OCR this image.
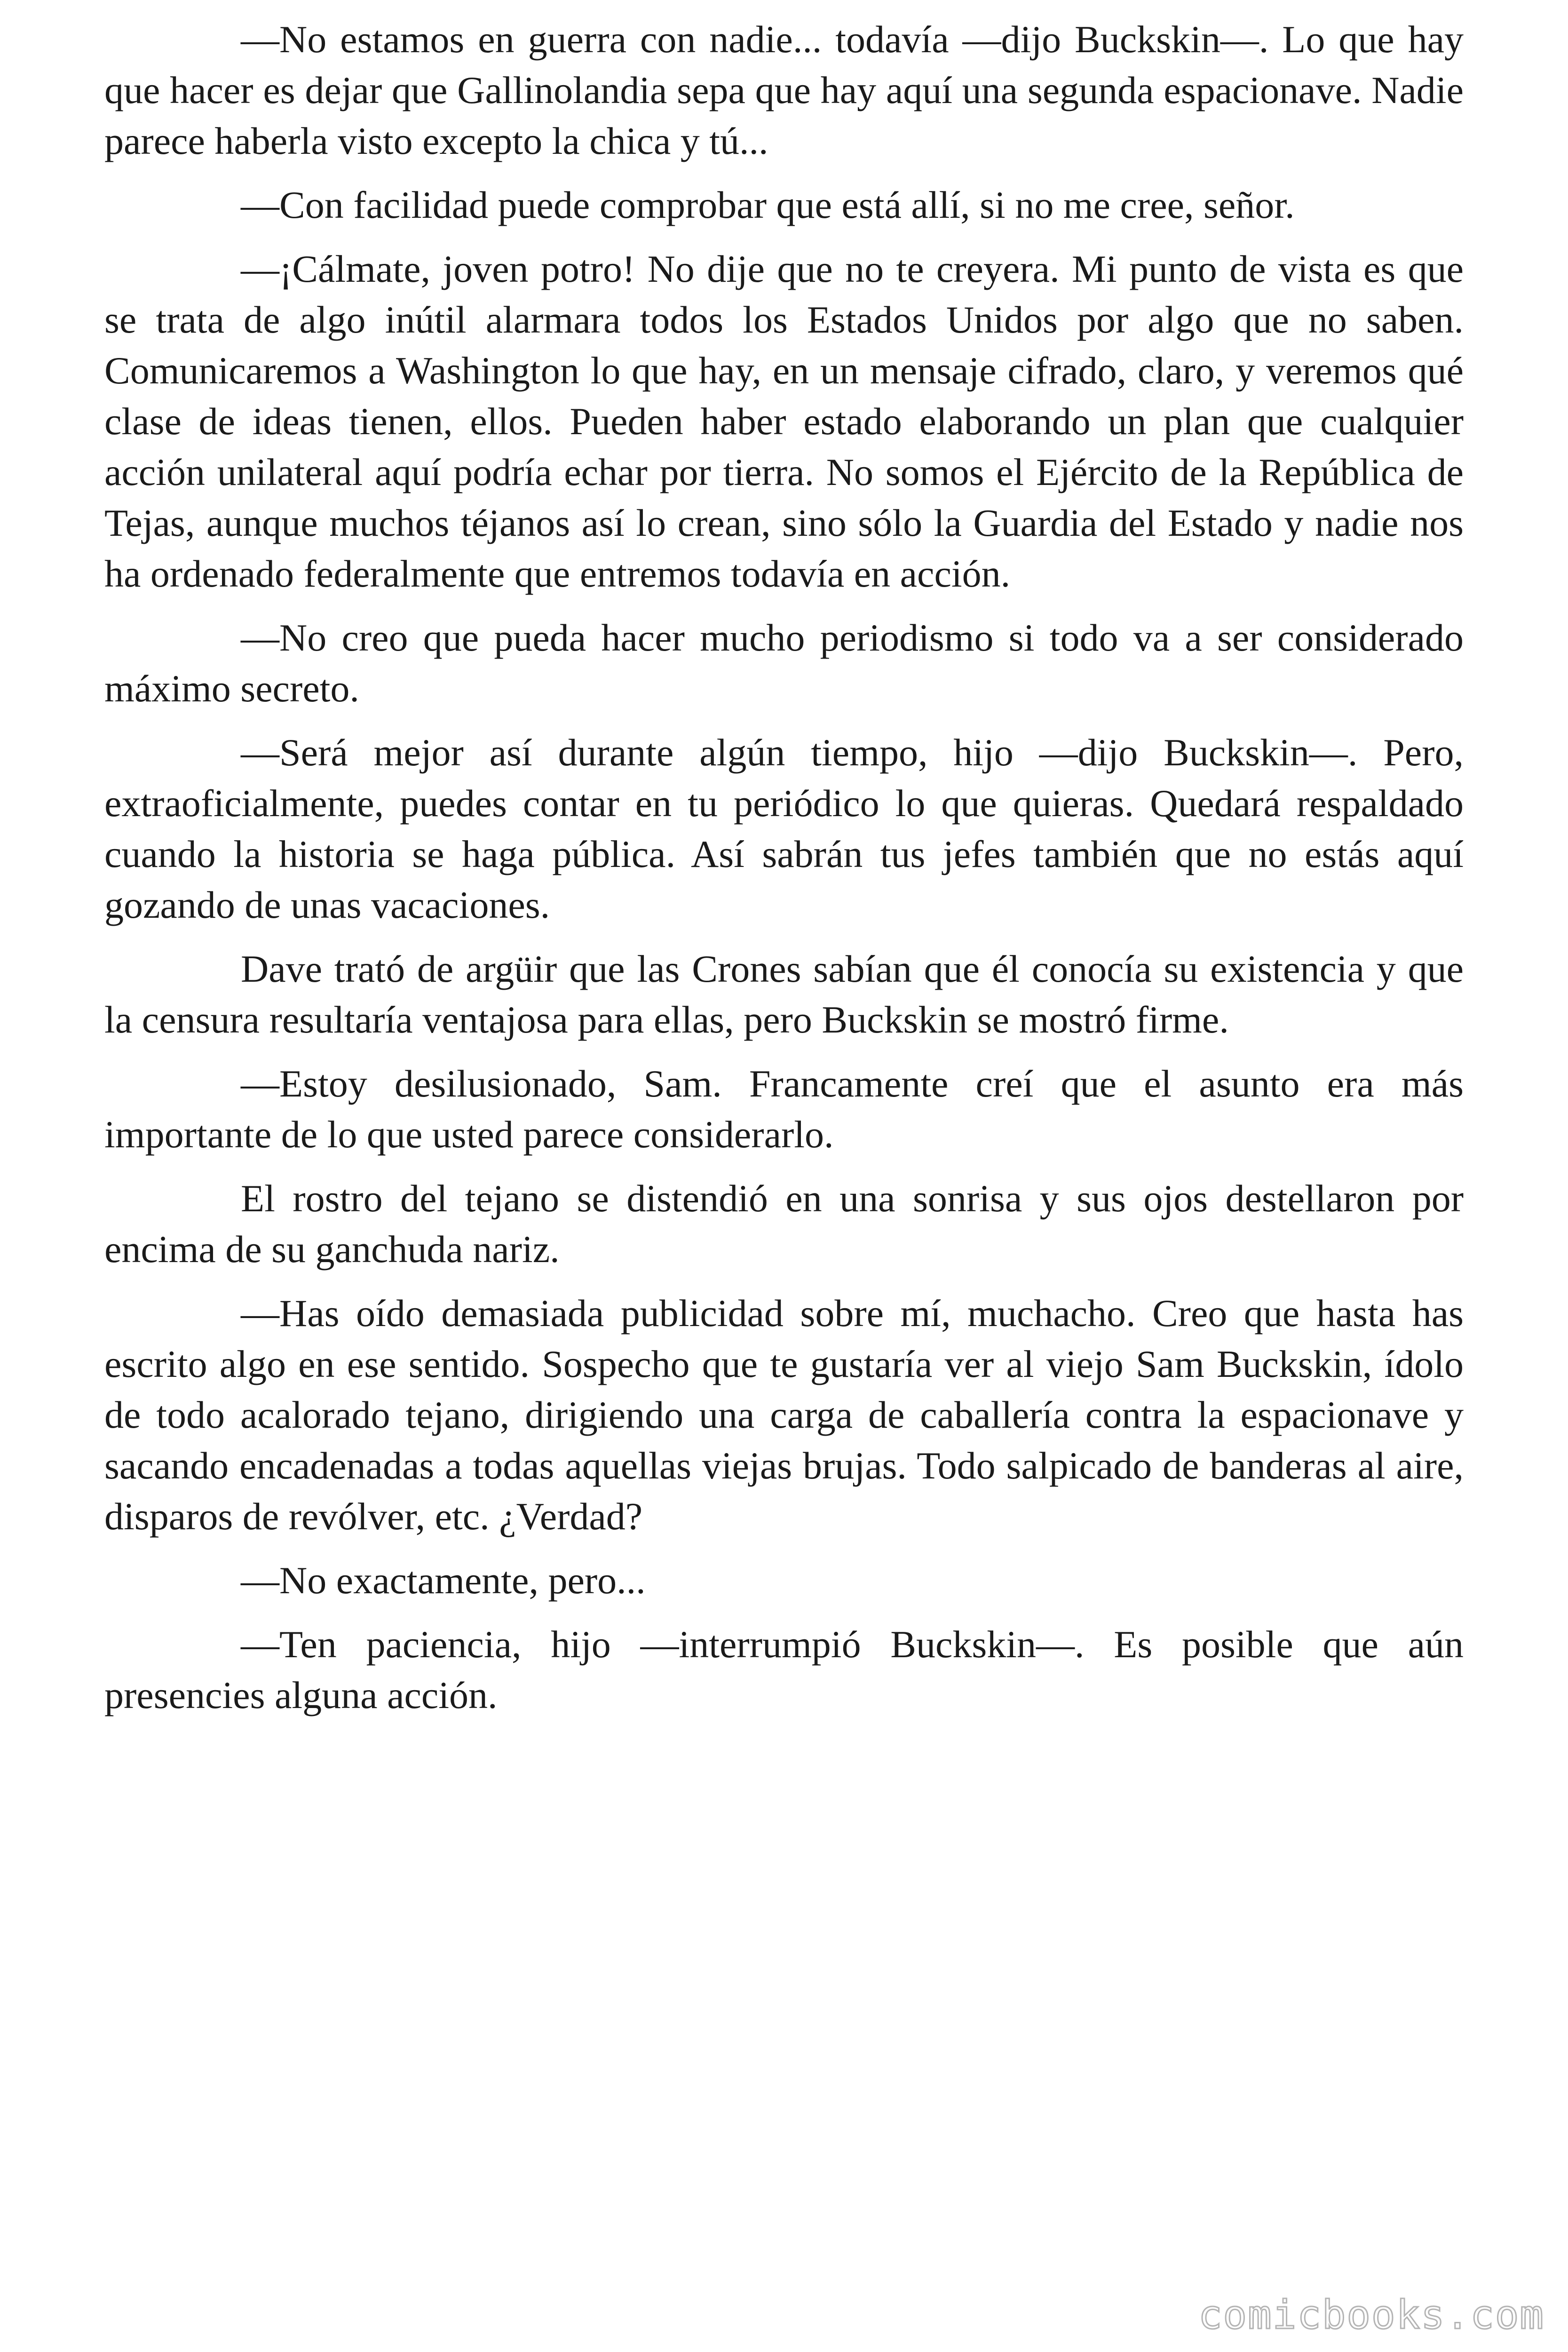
—No estamos en guerra con nadie... todavía —dijo Buckskin—. Lo que hay que hacer es dejar que Gallinolandia sepa que hay aquí una segunda espacionave. Nadie parece haberla visto excepto la chica y tú...

—Con facilidad puede comprobar que está allí, si no me cree, señor.

—¡Cálmate, joven potro! No dije que no te creyera. Mi punto de vista es que se trata de algo inútil alarmara todos los Estados Unidos por algo que no saben. Comunicaremos a Washington lo que hay, en un mensaje cifrado, claro, y veremos qué clase de ideas tienen, ellos. Pueden haber estado elaborando un plan que cualquier acción unilateral aquí podría echar por tierra. No somos el Ejército de la República de Tejas, aunque muchos téjanos así lo crean, sino sólo la Guardia del Estado y nadie nos ha ordenado federalmente que entremos todavía en acción.

—No creo que pueda hacer mucho periodismo si todo va a ser considerado máximo secreto.

—Será mejor así durante algún tiempo, hijo —dijo Buckskin—. Pero, extraoficialmente, puedes contar en tu periódico lo que quieras. Quedará respaldado cuando la historia se haga pública. Así sabrán tus jefes también que no estás aquí gozando de unas vacaciones.

Dave trató de argüir que las Crones sabían que él conocía su existencia y que la censura resultaría ventajosa para ellas, pero Buckskin se mostró firme.

—Estoy desilusionado, Sam. Francamente creí que el asunto era más importante de lo que usted parece considerarlo.

El rostro del tejano se distendió en una sonrisa y sus ojos destellaron por encima de su ganchuda nariz.

—Has oído demasiada publicidad sobre mí, muchacho. Creo que hasta has escrito algo en ese sentido. Sospecho que te gustaría ver al viejo Sam Buckskin, ídolo de todo acalorado tejano, dirigiendo una carga de caballería contra la espacionave y sacando encadenadas a todas aquellas viejas brujas. Todo salpicado de banderas al aire, disparos de revólver, etc. ¿Verdad?

—No exactamente, pero...

—Ten paciencia, hijo —interrumpió Buckskin—. Es posible que aún presencies alguna acción.

comicbooks.com
